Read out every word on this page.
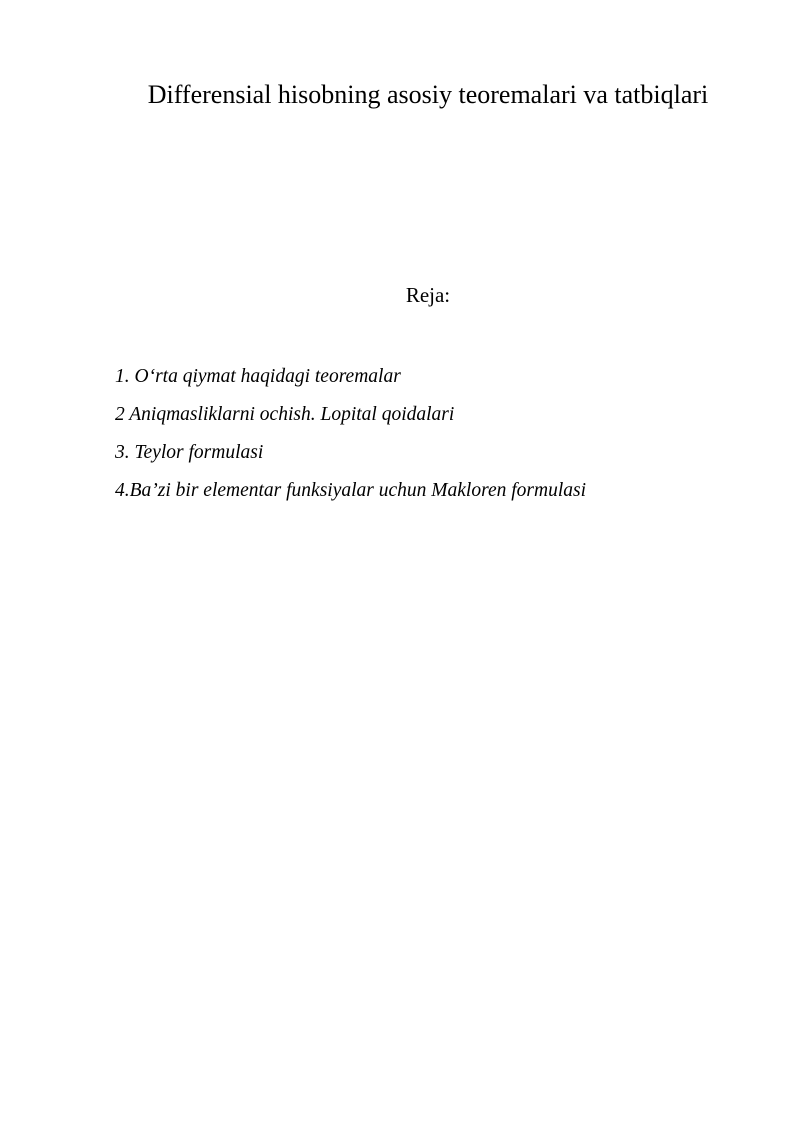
Differensial hisobning asosiy teoremalari va tatbiqlari
Reja:
1. O‘rta qiymat haqidagi teoremalar
2 Aniqmasliklarni ochish. Lopital qoidalari
3. Teylor formulasi
4.Ba’zi bir elementar funksiyalar uchun Makloren formulasi
